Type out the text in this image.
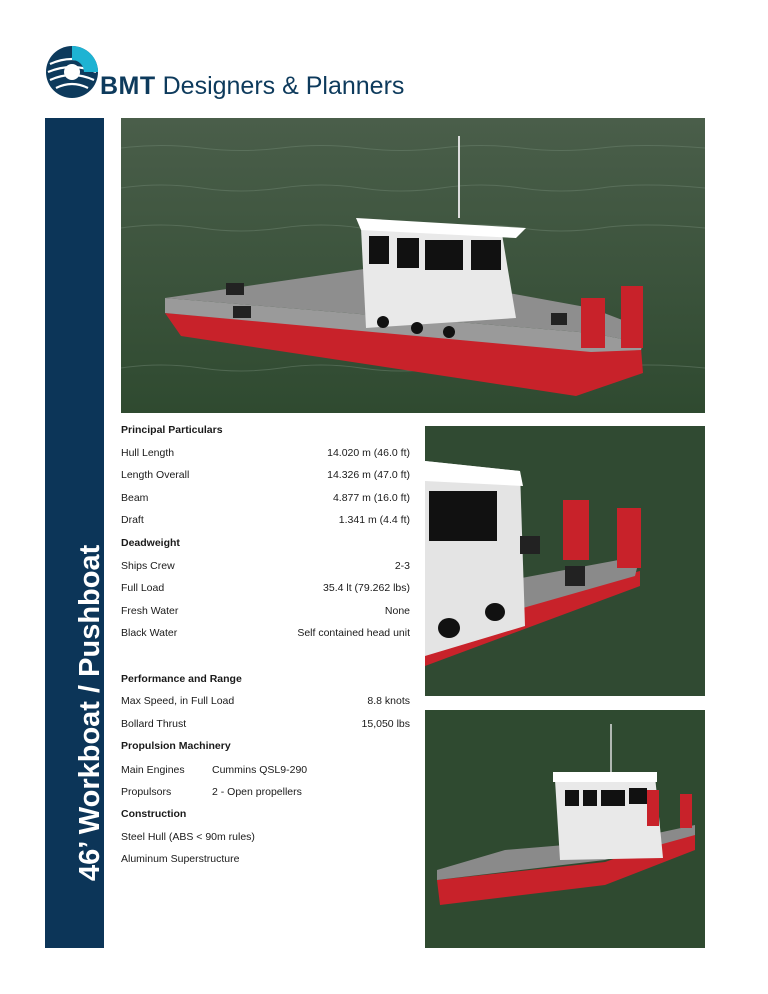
BMT Designers & Planners
46’ Workboat / Pushboat
Principal Particulars
Hull Length	14.020 m (46.0 ft)
Length Overall	14.326 m (47.0 ft)
Beam	4.877 m (16.0 ft)
Draft	1.341 m (4.4 ft)
Deadweight
Ships Crew	2-3
Full Load	35.4 lt (79.262 lbs)
Fresh Water	None
Black Water	Self contained head unit
Performance and Range
Max Speed, in Full Load	8.8 knots
Bollard Thrust	15,050 lbs
Propulsion Machinery
Main Engines	Cummins QSL9-290
Propulsors	2 - Open propellers
Construction
Steel Hull (ABS < 90m rules)
Aluminum Superstructure
